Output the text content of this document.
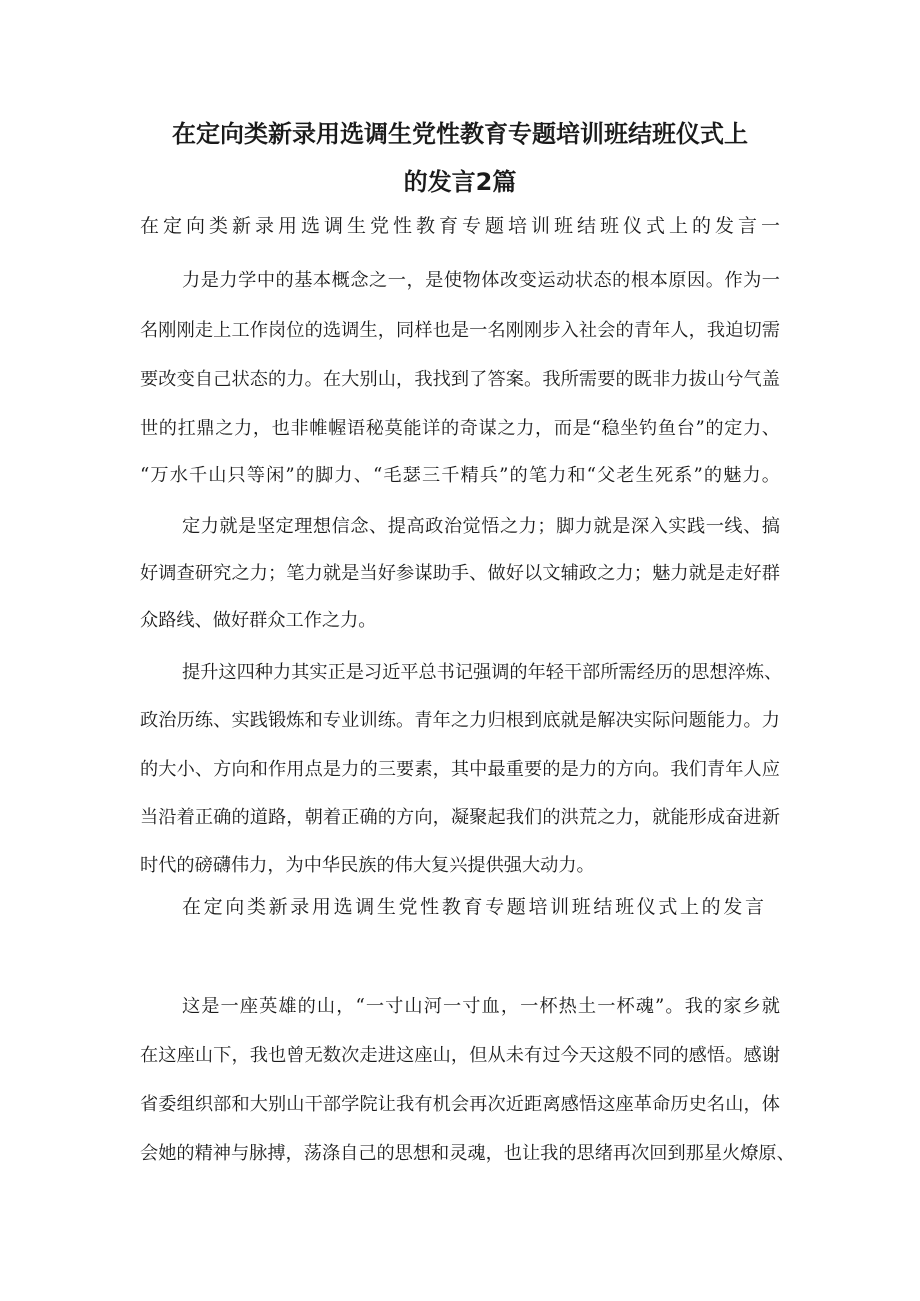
在定向类新录用选调生党性教育专题培训班结班仪式上
的发言2篇
在定向类新录用选调生党性教育专题培训班结班仪式上的发言一
力是力学中的基本概念之一，是使物体改变运动状态的根本原因。作为一
名刚刚走上工作岗位的选调生，同样也是一名刚刚步入社会的青年人，我迫切需
要改变自己状态的力。在大别山，我找到了答案。我所需要的既非力拔山兮气盖
世的扛鼎之力，也非帷幄语秘莫能详的奇谋之力，而是“稳坐钓鱼台”的定力、
“万水千山只等闲”的脚力、“毛瑟三千精兵”的笔力和“父老生死系”的魅力。
定力就是坚定理想信念、提高政治觉悟之力；脚力就是深入实践一线、搞
好调查研究之力；笔力就是当好参谋助手、做好以文辅政之力；魅力就是走好群
众路线、做好群众工作之力。
提升这四种力其实正是习近平总书记强调的年轻干部所需经历的思想淬炼、
政治历练、实践锻炼和专业训练。青年之力归根到底就是解决实际问题能力。力
的大小、方向和作用点是力的三要素，其中最重要的是力的方向。我们青年人应
当沿着正确的道路，朝着正确的方向，凝聚起我们的洪荒之力，就能形成奋进新
时代的磅礴伟力，为中华民族的伟大复兴提供强大动力。
在定向类新录用选调生党性教育专题培训班结班仪式上的发言
这是一座英雄的山，“一寸山河一寸血，一杯热土一杯魂”。我的家乡就
在这座山下，我也曾无数次走进这座山，但从未有过今天这般不同的感悟。感谢
省委组织部和大别山干部学院让我有机会再次近距离感悟这座革命历史名山，体
会她的精神与脉搏，荡涤自己的思想和灵魂，也让我的思绪再次回到那星火燎原、
